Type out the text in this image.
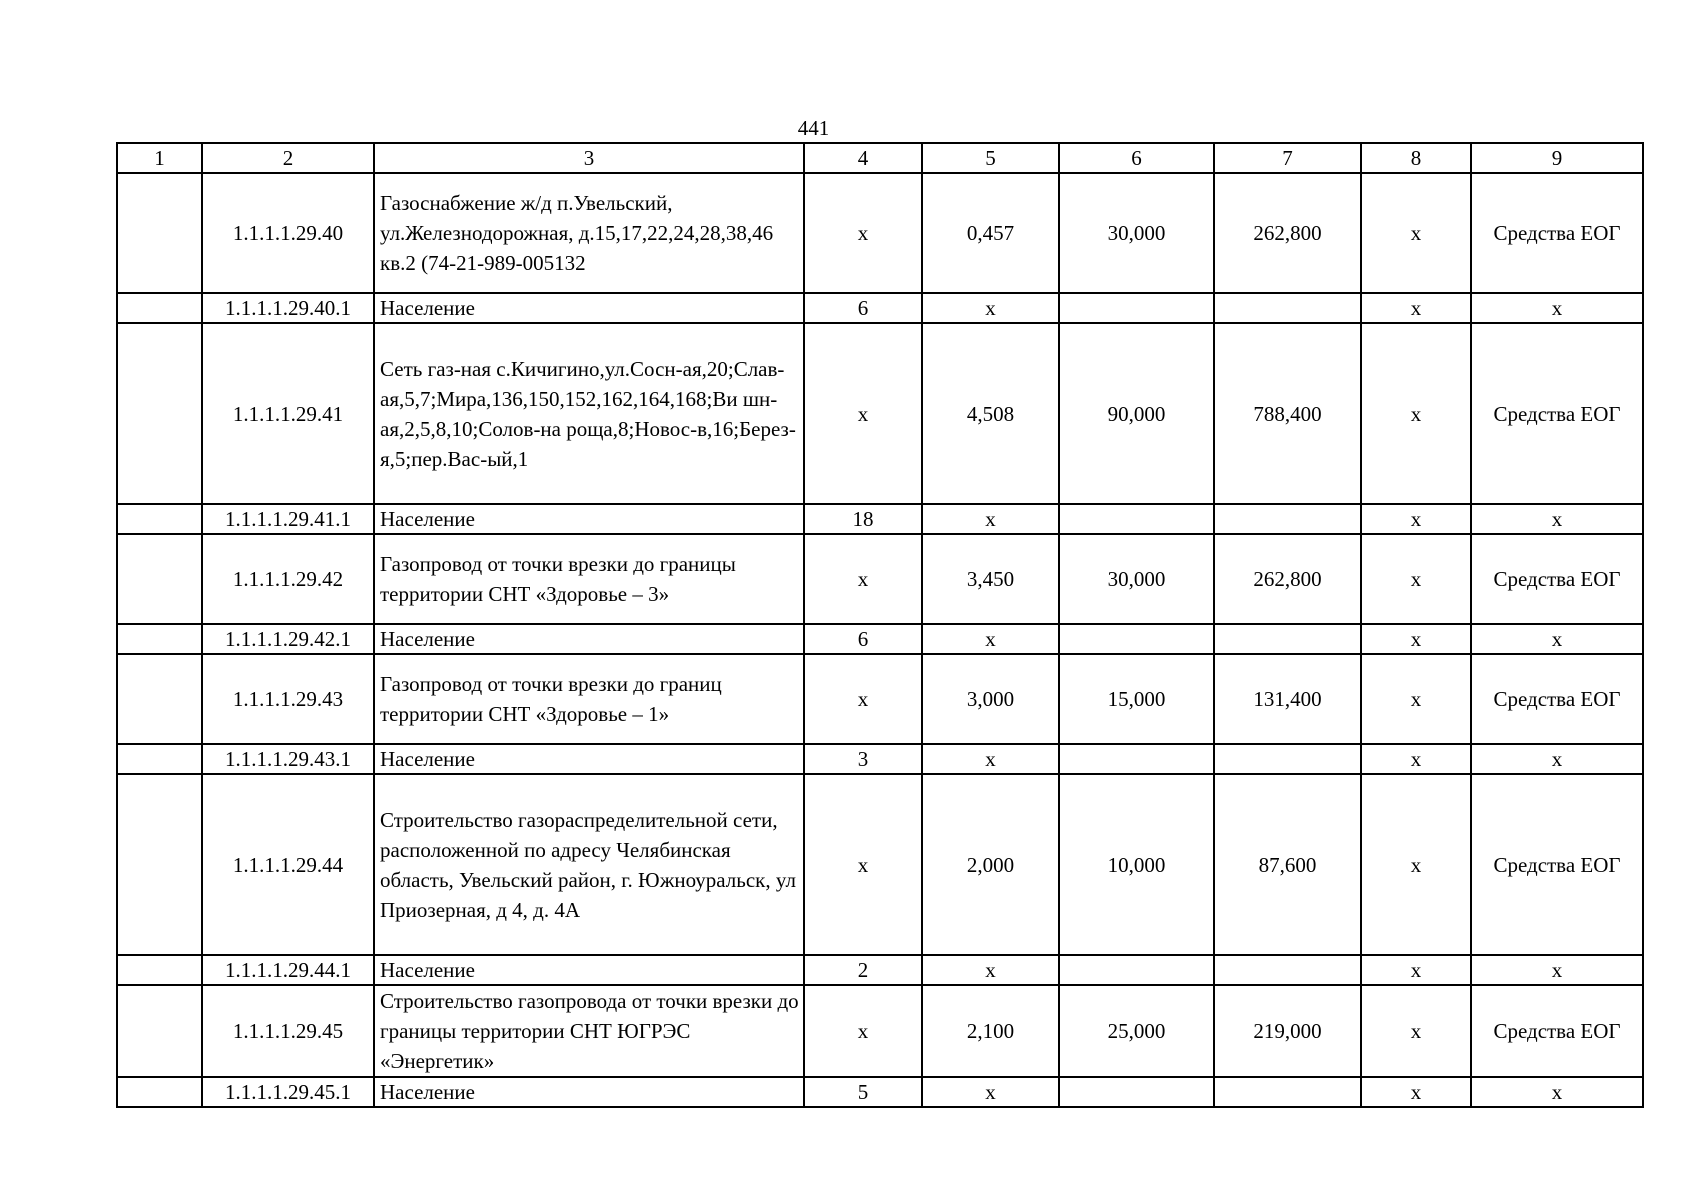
441
1	2	3	4	5	6	7	8	9
	1.1.1.1.29.40	Газоснабжение ж/д п.Увельский, ул.Железнодорожная, д.15,17,22,24,28,38,46 кв.2 (74-21-989-005132	х	0,457	30,000	262,800	х	Средства ЕОГ
	1.1.1.1.29.40.1	Население	6	х			х	х
	1.1.1.1.29.41	Сеть газ-ная с.Кичигино,ул.Сосн-ая,20;Слав-ая,5,7;Мира,136,150,152,162,164,168;Ви шн-ая,2,5,8,10;Солов-на роща,8;Новос-в,16;Берез-я,5;пер.Вас-ый,1	х	4,508	90,000	788,400	х	Средства ЕОГ
	1.1.1.1.29.41.1	Население	18	х			х	х
	1.1.1.1.29.42	Газопровод от точки врезки до границы территории СНТ «Здоровье – 3»	х	3,450	30,000	262,800	х	Средства ЕОГ
	1.1.1.1.29.42.1	Население	6	х			х	х
	1.1.1.1.29.43	Газопровод от точки врезки до границ территории СНТ «Здоровье – 1»	х	3,000	15,000	131,400	х	Средства ЕОГ
	1.1.1.1.29.43.1	Население	3	х			х	х
	1.1.1.1.29.44	Строительство газораспределительной сети, расположенной по адресу Челябинская область, Увельский район, г. Южноуральск, ул Приозерная, д 4, д. 4А	х	2,000	10,000	87,600	х	Средства ЕОГ
	1.1.1.1.29.44.1	Население	2	х			х	х
	1.1.1.1.29.45	Строительство газопровода от точки врезки до границы территории СНТ ЮГРЭС «Энергетик»	х	2,100	25,000	219,000	х	Средства ЕОГ
	1.1.1.1.29.45.1	Население	5	х			х	х
